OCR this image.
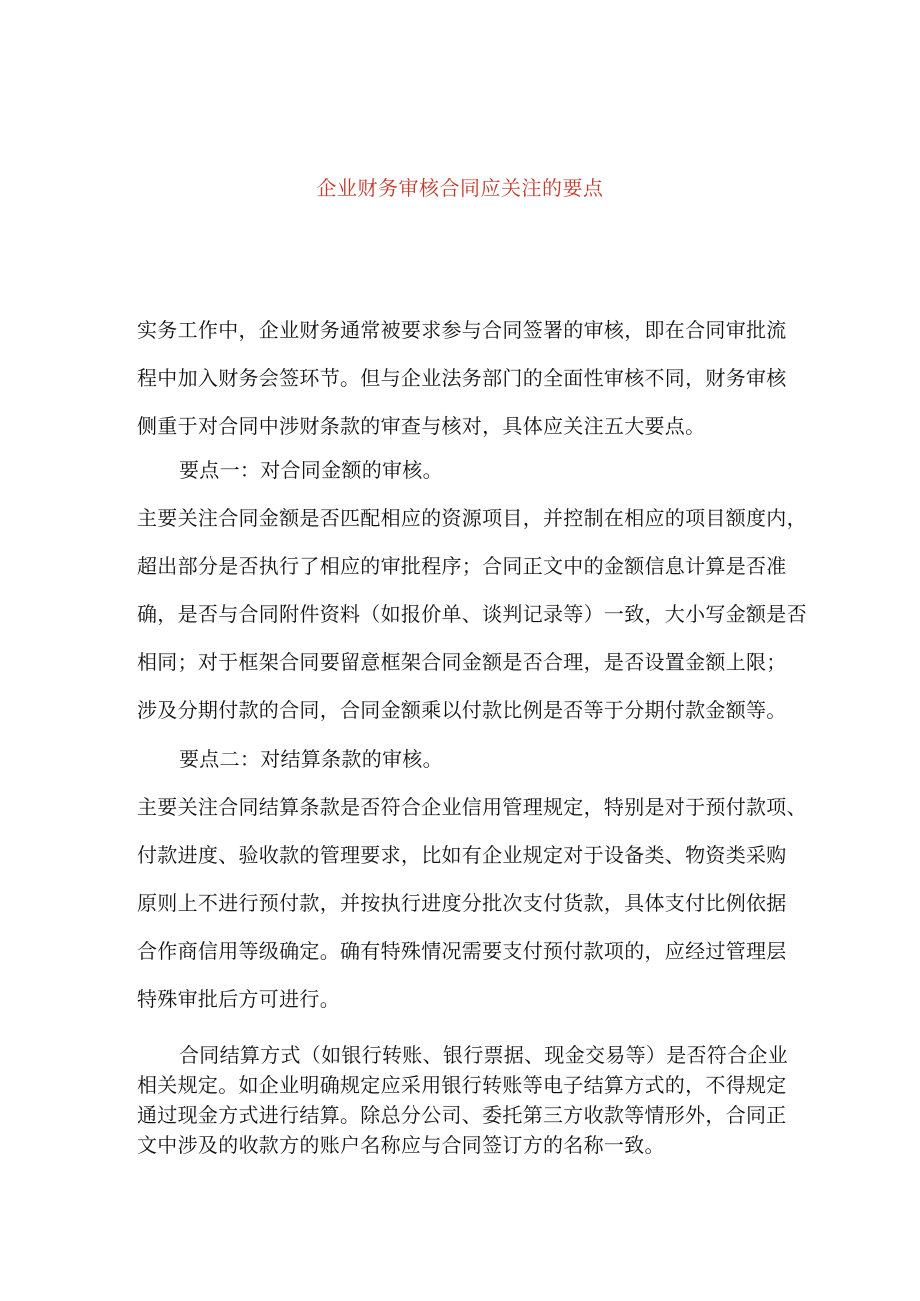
企业财务审核合同应关注的要点
实务工作中，企业财务通常被要求参与合同签署的审核，即在合同审批流
程中加入财务会签环节。但与企业法务部门的全面性审核不同，财务审核
侧重于对合同中涉财条款的审查与核对，具体应关注五大要点。
要点一：对合同金额的审核。
主要关注合同金额是否匹配相应的资源项目，并控制在相应的项目额度内，
超出部分是否执行了相应的审批程序；合同正文中的金额信息计算是否准
确，是否与合同附件资料（如报价单、谈判记录等）一致，大小写金额是否
相同；对于框架合同要留意框架合同金额是否合理，是否设置金额上限；
涉及分期付款的合同，合同金额乘以付款比例是否等于分期付款金额等。
要点二：对结算条款的审核。
主要关注合同结算条款是否符合企业信用管理规定，特别是对于预付款项、
付款进度、验收款的管理要求，比如有企业规定对于设备类、物资类采购
原则上不进行预付款，并按执行进度分批次支付货款，具体支付比例依据
合作商信用等级确定。确有特殊情况需要支付预付款项的，应经过管理层
特殊审批后方可进行。
合同结算方式（如银行转账、银行票据、现金交易等）是否符合企业
相关规定。如企业明确规定应采用银行转账等电子结算方式的，不得规定
通过现金方式进行结算。除总分公司、委托第三方收款等情形外，合同正
文中涉及的收款方的账户名称应与合同签订方的名称一致。
